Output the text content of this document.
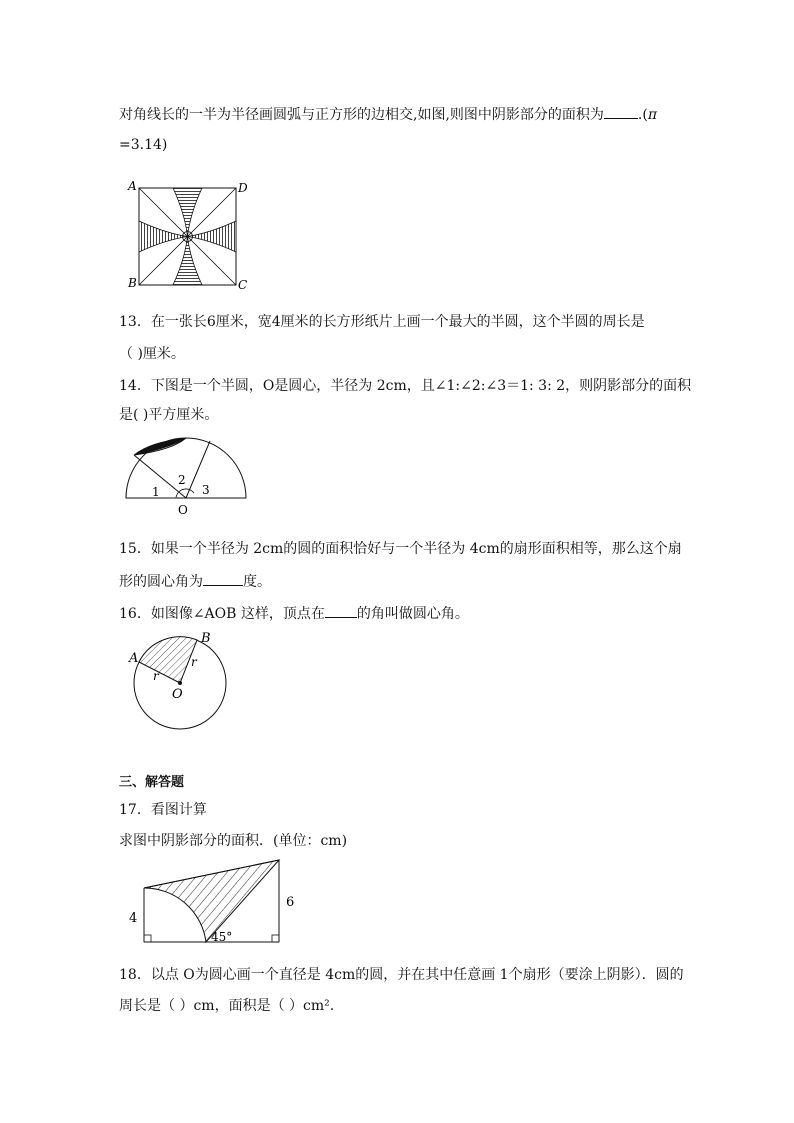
对角线长的一半为半径画圆弧与正方形的边相交,如图,则图中阴影部分的面积为 .(π
=3.14)
A	D
B	C
13．在一张长6厘米，宽4厘米的长方形纸片上画一个最大的半圆，这个半圆的周长是
（ )厘米。
14．下图是一个半圆，O是圆心，半径为 2cm，且∠1:∠2:∠3＝1: 3: 2，则阴影部分的面积
是( )平方厘米。
1
2
3
O
15．如果一个半径为 2cm的圆的面积恰好与一个半径为 4cm的扇形面积相等，那么这个扇
形的圆心角为	度。
16．如图像∠AOB 这样，顶点在 的角叫做圆心角。
A
B
r
r
O
三、解答题
17．看图计算
求图中阴影部分的面积．(单位：cm)
4
6
45°
18．以点 O为圆心画一个直径是 4cm的圆，并在其中任意画 1个扇形（要涂上阴影）．圆的
周长是（ ）cm，面积是（ ）cm².
